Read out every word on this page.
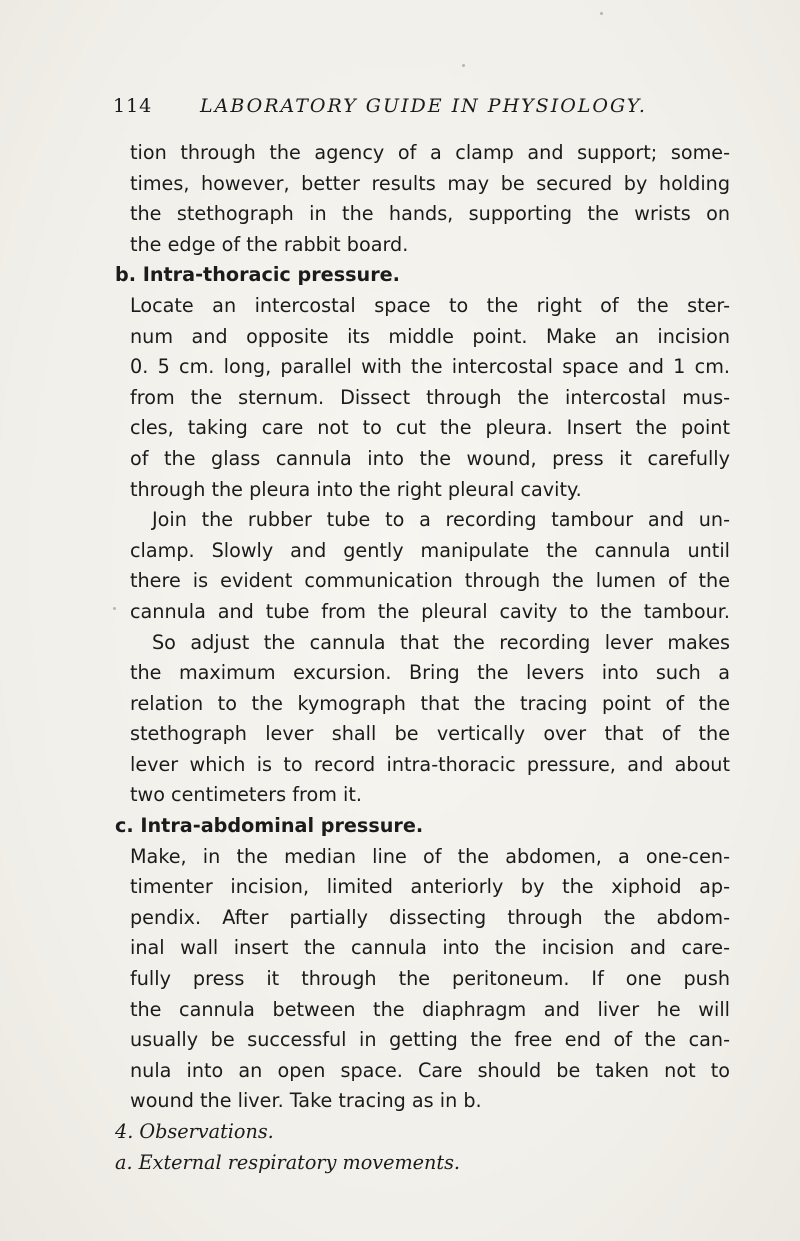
114	LABORATORY GUIDE IN PHYSIOLOGY.
tion through the agency of a clamp and support; some-
times, however, better results may be secured by holding
the stethograph in the hands, supporting the wrists on
the edge of the rabbit board.
b. Intra-thoracic pressure.
Locate an intercostal space to the right of the ster-
num and opposite its middle point. Make an incision
0. 5 cm. long, parallel with the intercostal space and 1 cm.
from the sternum. Dissect through the intercostal mus-
cles, taking care not to cut the pleura. Insert the point
of the glass cannula into the wound, press it carefully
through the pleura into the right pleural cavity.
Join the rubber tube to a recording tambour and un-
clamp. Slowly and gently manipulate the cannula until
there is evident communication through the lumen of the
cannula and tube from the pleural cavity to the tambour.
So adjust the cannula that the recording lever makes
the maximum excursion. Bring the levers into such a
relation to the kymograph that the tracing point of the
stethograph lever shall be vertically over that of the
lever which is to record intra-thoracic pressure, and about
two centimeters from it.
c. Intra-abdominal pressure.
Make, in the median line of the abdomen, a one-cen-
timenter incision, limited anteriorly by the xiphoid ap-
pendix. After partially dissecting through the abdom-
inal wall insert the cannula into the incision and care-
fully press it through the peritoneum. If one push
the cannula between the diaphragm and liver he will
usually be successful in getting the free end of the can-
nula into an open space. Care should be taken not to
wound the liver. Take tracing as in b.
4. Observations.
a. External respiratory movements.
